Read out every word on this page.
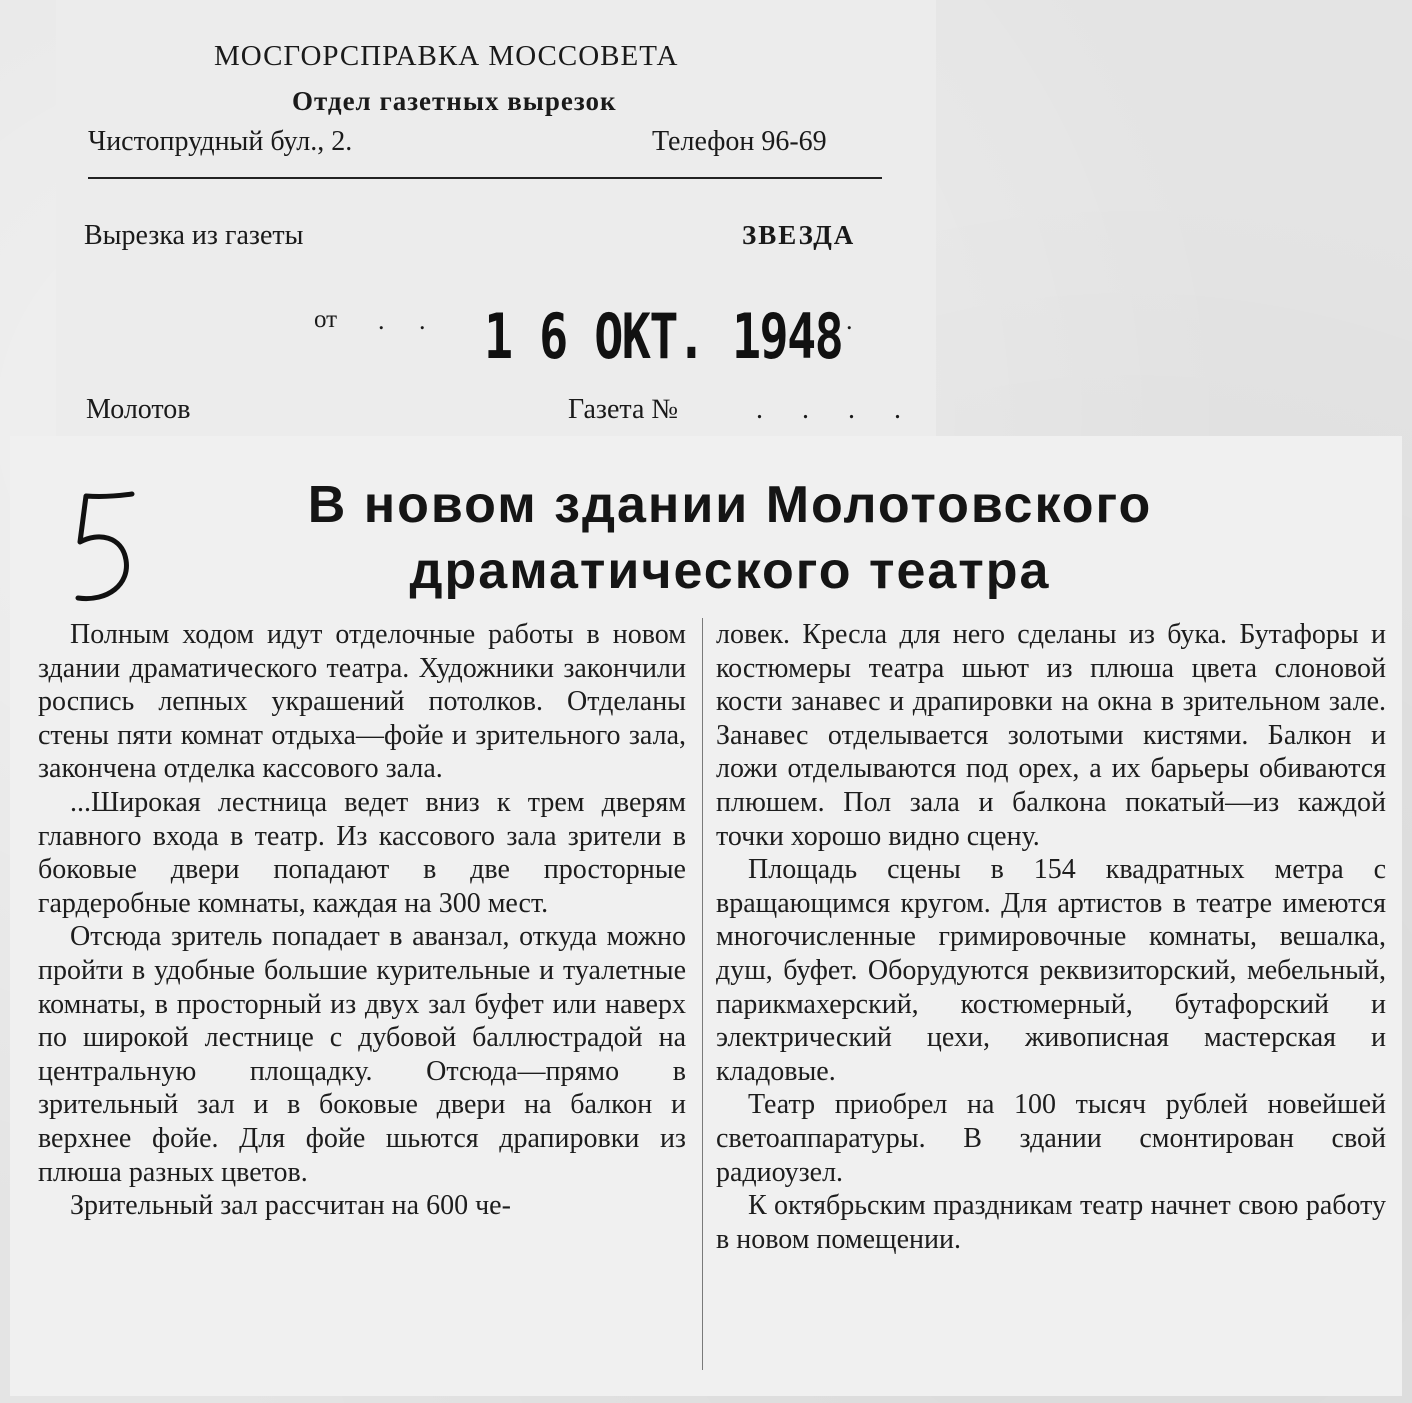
МОСГОРСПРАВКА МОССОВЕТА
Отдел газетных вырезок
Чистопрудный бул., 2.	Телефон 96-69
Вырезка из газеты	ЗВЕЗДА
от . . 1 6 ОКТ. 1948 .
Молотов	Газета №	. . . .
В новом здании Молотовского драматического театра

Полным ходом идут отделочные работы в новом здании драматического театра. Художники закончили роспись лепных украшений потолков. Отделаны стены пяти комнат отдыха—фойе и зрительного зала, закончена отделка кассового зала.

...Широкая лестница ведет вниз к трем дверям главного входа в театр. Из кассового зала зрители в боковые двери попадают в две просторные гардеробные комнаты, каждая на 300 мест.

Отсюда зритель попадает в аванзал, откуда можно пройти в удобные большие курительные и туалетные комнаты, в просторный из двух зал буфет или наверх по широкой лестнице с дубовой баллюстрадой на центральную площадку. Отсюда—прямо в зрительный зал и в боковые двери на балкон и верхнее фойе. Для фойе шьются драпировки из плюша разных цветов.

Зрительный зал рассчитан на 600 че-

ловек. Кресла для него сделаны из бука. Бутафоры и костюмеры театра шьют из плюша цвета слоновой кости занавес и драпировки на окна в зрительном зале. Занавес отделывается золотыми кистями. Балкон и ложи отделываются под орех, а их барьеры обиваются плюшем. Пол зала и балкона покатый—из каждой точки хорошо видно сцену.

Площадь сцены в 154 квадратных метра с вращающимся кругом. Для артистов в театре имеются многочисленные гримировочные комнаты, вешалка, душ, буфет. Оборудуются реквизиторский, мебельный, парикмахерский, костюмерный, бутафорский и электрический цехи, живописная мастерская и кладовые.

Театр приобрел на 100 тысяч рублей новейшей светоаппаратуры. В здании смонтирован свой радиоузел.

К октябрьским праздникам театр начнет свою работу в новом помещении.
